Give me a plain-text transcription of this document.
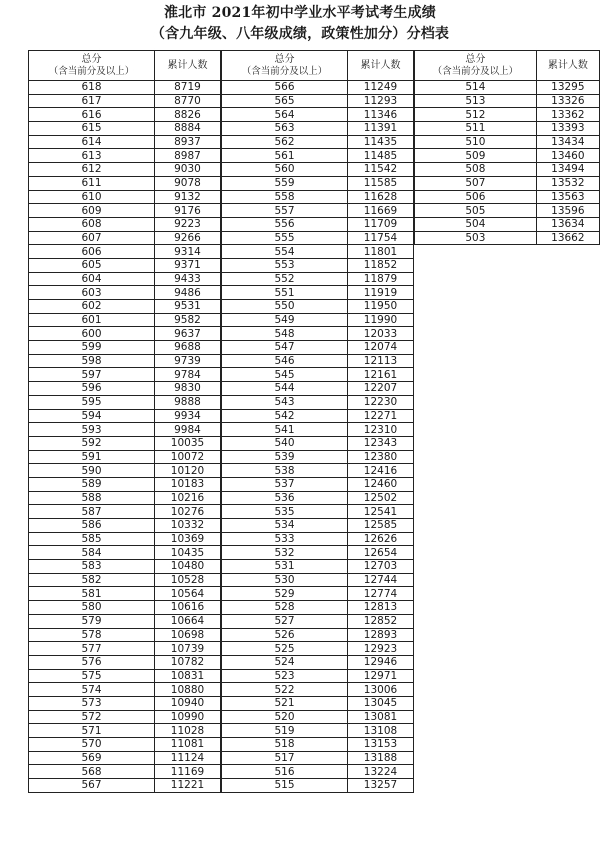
淮北市 2021年初中学业水平考试考生成绩
（含九年级、八年级成绩，政策性加分）分档表
总分
（含当前分及以上）	累计人数
618	8719
617	8770
616	8826
615	8884
614	8937
613	8987
612	9030
611	9078
610	9132
609	9176
608	9223
607	9266
606	9314
605	9371
604	9433
603	9486
602	9531
601	9582
600	9637
599	9688
598	9739
597	9784
596	9830
595	9888
594	9934
593	9984
592	10035
591	10072
590	10120
589	10183
588	10216
587	10276
586	10332
585	10369
584	10435
583	10480
582	10528
581	10564
580	10616
579	10664
578	10698
577	10739
576	10782
575	10831
574	10880
573	10940
572	10990
571	11028
570	11081
569	11124
568	11169
567	11221
总分
（含当前分及以上）	累计人数
566	11249
565	11293
564	11346
563	11391
562	11435
561	11485
560	11542
559	11585
558	11628
557	11669
556	11709
555	11754
554	11801
553	11852
552	11879
551	11919
550	11950
549	11990
548	12033
547	12074
546	12113
545	12161
544	12207
543	12230
542	12271
541	12310
540	12343
539	12380
538	12416
537	12460
536	12502
535	12541
534	12585
533	12626
532	12654
531	12703
530	12744
529	12774
528	12813
527	12852
526	12893
525	12923
524	12946
523	12971
522	13006
521	13045
520	13081
519	13108
518	13153
517	13188
516	13224
515	13257
总分
（含当前分及以上）	累计人数
514	13295
513	13326
512	13362
511	13393
510	13434
509	13460
508	13494
507	13532
506	13563
505	13596
504	13634
503	13662
